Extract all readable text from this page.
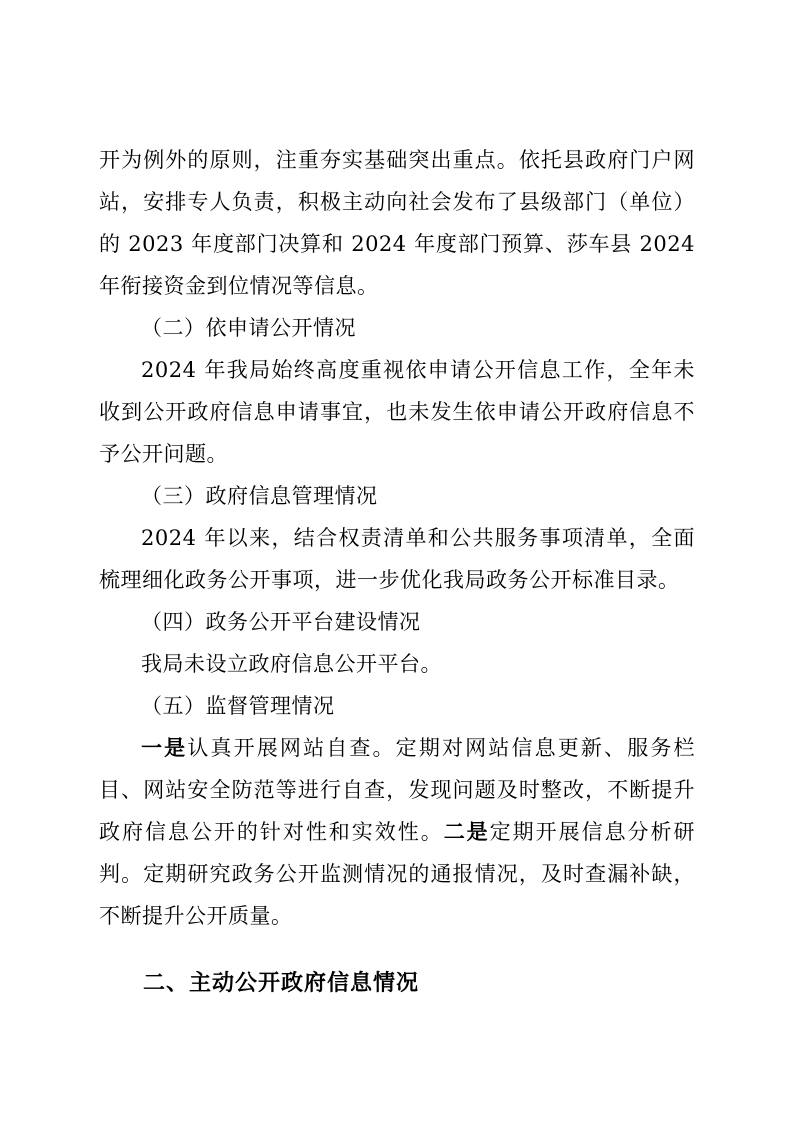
开为例外的原则，注重夯实基础突出重点。依托县政府门户网站，安排专人负责，积极主动向社会发布了县级部门（单位）的 2023 年度部门决算和 2024 年度部门预算、莎车县 2024 年衔接资金到位情况等信息。

（二）依申请公开情况

2024 年我局始终高度重视依申请公开信息工作，全年未收到公开政府信息申请事宜，也未发生依申请公开政府信息不予公开问题。

（三）政府信息管理情况

2024 年以来，结合权责清单和公共服务事项清单，全面梳理细化政务公开事项，进一步优化我局政务公开标准目录。

（四）政务公开平台建设情况

我局未设立政府信息公开平台。

（五）监督管理情况

一是认真开展网站自查。定期对网站信息更新、服务栏目、网站安全防范等进行自查，发现问题及时整改，不断提升政府信息公开的针对性和实效性。二是定期开展信息分析研判。定期研究政务公开监测情况的通报情况，及时查漏补缺，不断提升公开质量。

二、主动公开政府信息情况
